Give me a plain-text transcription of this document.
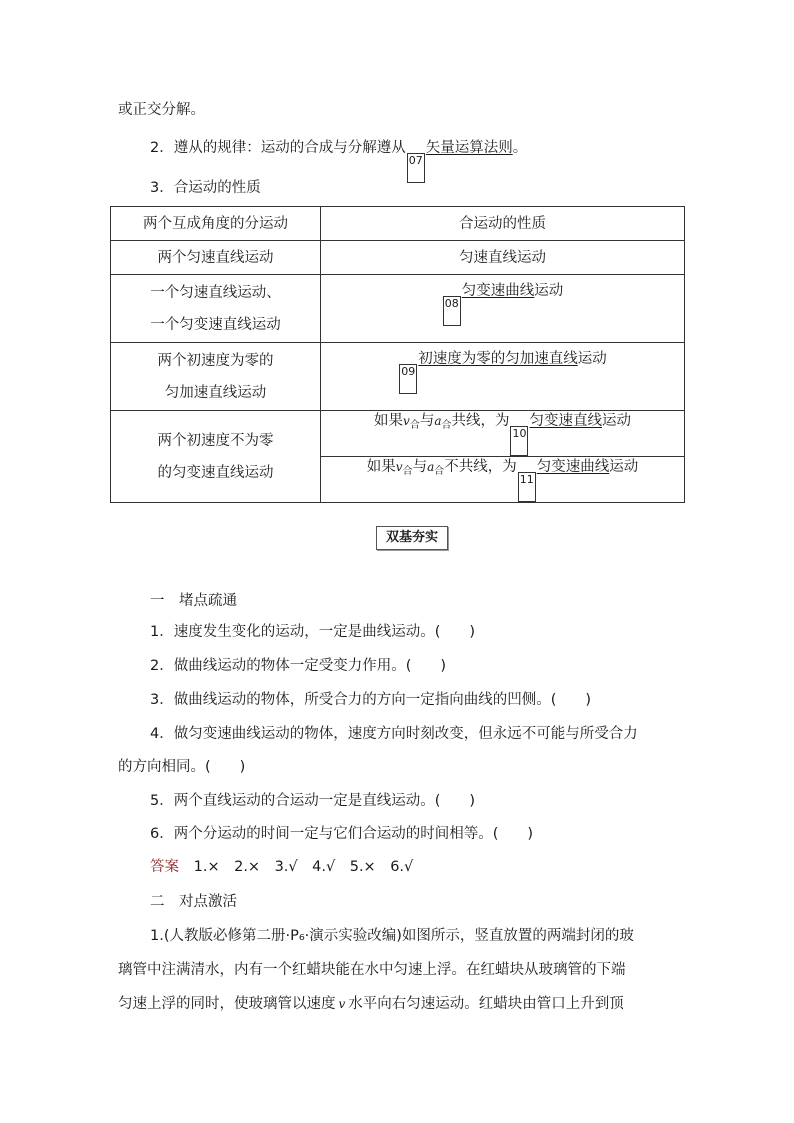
或正交分解。
2．遵从的规律：运动的合成与分解遵从07矢量运算法则。
3．合运动的性质
两个互成角度的分运动	合运动的性质
两个匀速直线运动	匀速直线运动

一个匀速直线运动、
一个匀变速直线运动	08匀变速曲线运动

两个初速度为零的
匀加速直线运动	09初速度为零的匀加速直线运动

两个初速度不为零
的匀变速直线运动	如果$v_合$与$a_合$共线，为10匀变速直线运动
	如果$v_合$与$a_合$不共线，为11匀变速曲线运动
双基夯实
一　堵点疏通
1．速度发生变化的运动，一定是曲线运动。(　　)
2．做曲线运动的物体一定受变力作用。(　　)
3．做曲线运动的物体，所受合力的方向一定指向曲线的凹侧。(　　)
4．做匀变速曲线运动的物体，速度方向时刻改变，但永远不可能与所受合力
的方向相同。(　　)
5．两个直线运动的合运动一定是直线运动。(　　)
6．两个分运动的时间一定与它们合运动的时间相等。(　　)
答案 1.×　2.×　3.√　4.√　5.×　6.√
二　对点激活
1.(人教版必修第二册·P₆·演示实验改编)如图所示，竖直放置的两端封闭的玻
璃管中注满清水，内有一个红蜡块能在水中匀速上浮。在红蜡块从玻璃管的下端
匀速上浮的同时，使玻璃管以速度 v 水平向右匀速运动。红蜡块由管口上升到顶
